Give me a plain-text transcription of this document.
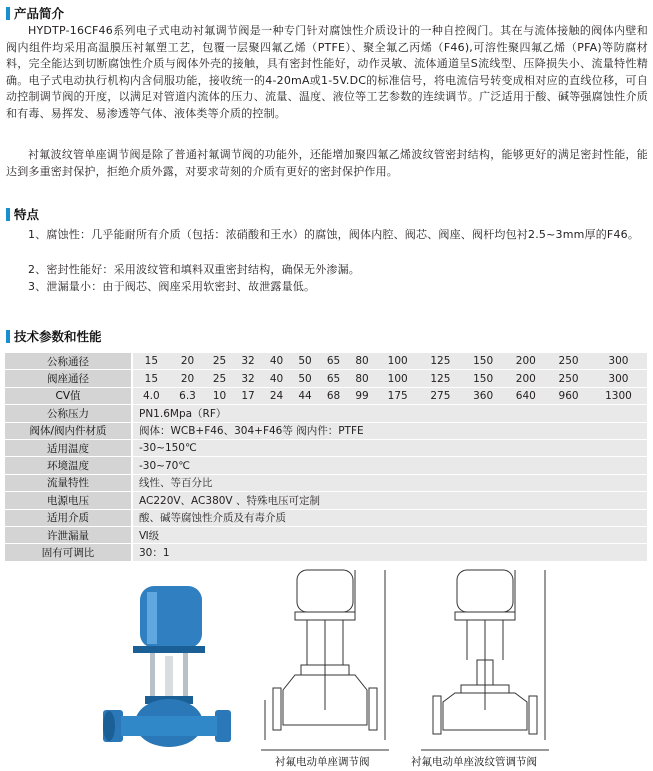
产品简介

HYDTP-16CF46系列电子式电动衬氟调节阀是一种专门针对腐蚀性介质设计的一种自控阀门。其在与流体接触的阀体内壁和阀内组件均采用高温膜压衬氟塑工艺，包覆一层聚四氟乙烯（PTFE）、聚全氟乙丙烯（F46),可溶性聚四氟乙烯（PFA)等防腐材料，完全能达到切断腐蚀性介质与阀体外壳的接触，具有密封性能好，动作灵敏、流体通道呈S流线型、压降损失小、流量特性精确。电子式电动执行机构内含伺服功能，接收统一的4-20mA或1-5V.DC的标准信号，将电流信号转变成相对应的直线位移，可自动控制调节阀的开度，以满足对管道内流体的压力、流量、温度、液位等工艺参数的连续调节。广泛适用于酸、碱等强腐蚀性介质和有毒、易挥发、易渗透等气体、液体类等介质的控制。

衬氟波纹管单座调节阀是除了普通衬氟调节阀的功能外，还能增加聚四氟乙烯波纹管密封结构，能够更好的满足密封性能，能达到多重密封保护，拒绝介质外露，对要求苛刻的介质有更好的密封保护作用。

特点
1、腐蚀性：几乎能耐所有介质（包括：浓硝酸和王水）的腐蚀，阀体内腔、阀芯、阀座、阀杆均包衬2.5~3mm厚的F46。
2、密封性能好：采用波纹管和填料双重密封结构，确保无外渗漏。
3、泄漏量小：由于阀芯、阀座采用软密封、故泄露量低。
技术参数和性能
公称通径	15	20	25	32	40	50	65	80	100	125	150	200	250	300
阀座通径	15	20	25	32	40	50	65	80	100	125	150	200	250	300
CV值	4.0	6.3	10	17	24	44	68	99	175	275	360	640	960	1300
公称压力	PN1.6Mpa（RF）													
阀体/阀内件材质	阀体：WCB+F46、304+F46等 阀内件：PTFE													
适用温度	-30~150℃													
环境温度	-30~70℃													
流量特性	线性、等百分比													
电源电压	AC220V、AC380V 、特殊电压可定制													
适用介质	酸、碱等腐蚀性介质及有毒介质													
许泄漏量	Ⅵ级													
固有可调比	30：1													
衬氟电动单座调节阀	衬氟电动单座波纹管调节阀
